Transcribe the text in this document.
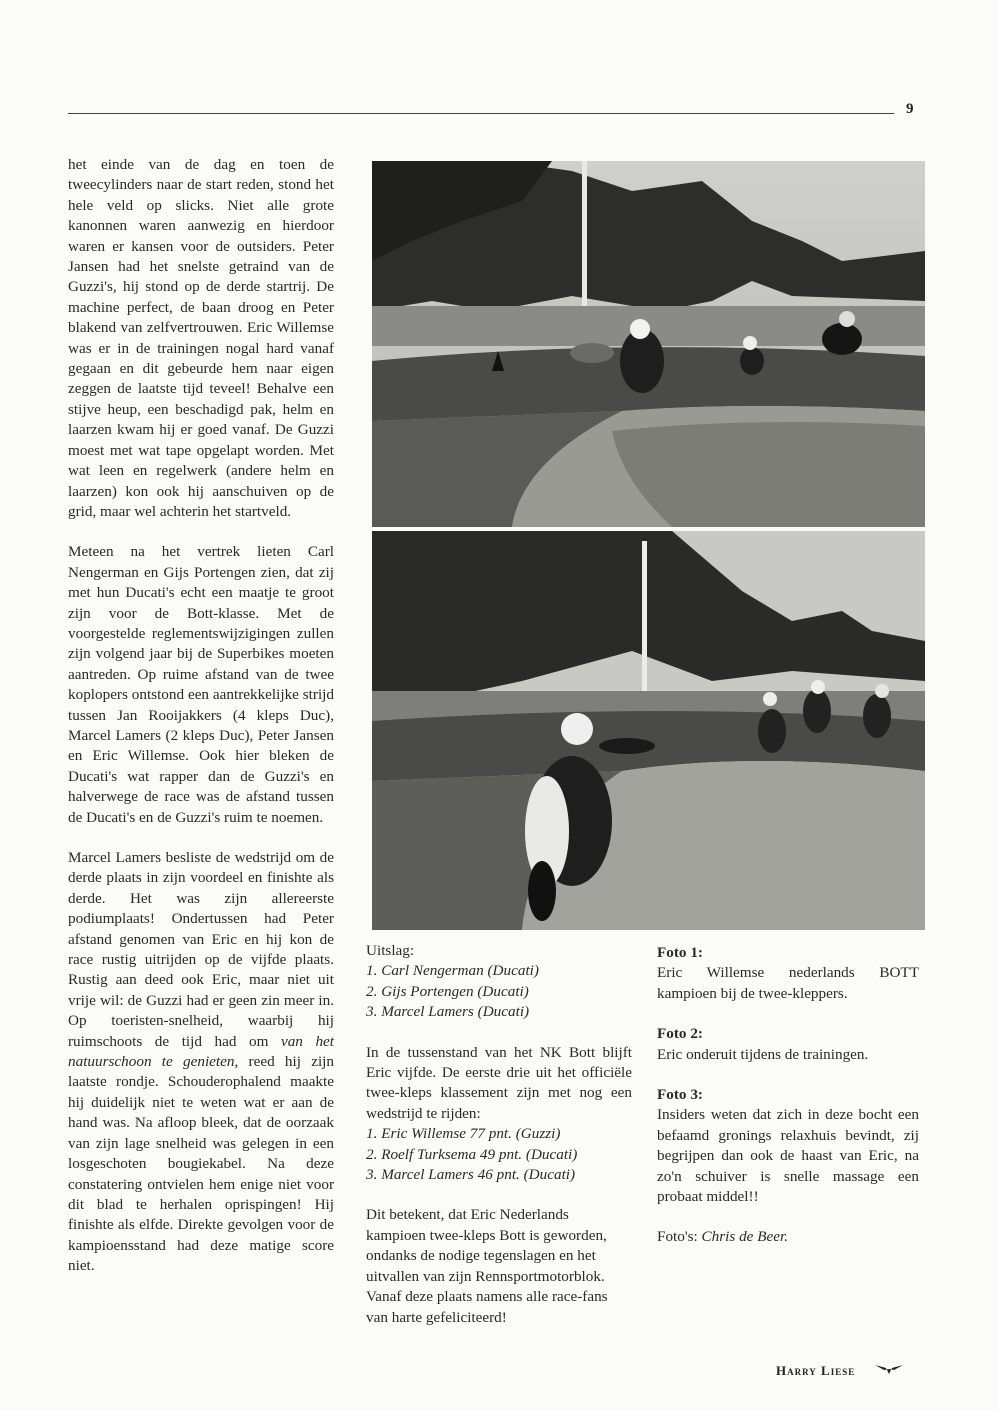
9

het einde van de dag en toen de tweecylinders naar de start reden, stond het hele veld op slicks. Niet alle grote kanonnen waren aanwezig en hierdoor waren er kansen voor de outsiders. Peter Jansen had het snelste getraind van de Guzzi's, hij stond op de derde startrij. De machine perfect, de baan droog en Peter blakend van zelfvertrouwen. Eric Willemse was er in de trainingen nogal hard vanaf gegaan en dit gebeurde hem naar eigen zeggen de laatste tijd teveel! Behalve een stijve heup, een beschadigd pak, helm en laarzen kwam hij er goed vanaf. De Guzzi moest met wat tape opgelapt worden. Met wat leen en regelwerk (andere helm en laarzen) kon ook hij aanschuiven op de grid, maar wel achterin het startveld.

Meteen na het vertrek lieten Carl Nengerman en Gijs Portengen zien, dat zij met hun Ducati's echt een maatje te groot zijn voor de Bott-klasse. Met de voorgestelde reglementswijzigingen zullen zijn volgend jaar bij de Superbikes moeten aantreden. Op ruime afstand van de twee koplopers ontstond een aantrekkelijke strijd tussen Jan Rooijakkers (4 kleps Duc), Marcel Lamers (2 kleps Duc), Peter Jansen en Eric Willemse. Ook hier bleken de Ducati's wat rapper dan de Guzzi's en halverwege de race was de afstand tussen de Ducati's en de Guzzi's ruim te noemen.

Marcel Lamers besliste de wedstrijd om de derde plaats in zijn voordeel en finishte als derde. Het was zijn allereerste podiumplaats! Ondertussen had Peter afstand genomen van Eric en hij kon de race rustig uitrijden op de vijfde plaats. Rustig aan deed ook Eric, maar niet uit vrije wil: de Guzzi had er geen zin meer in. Op toeristen-snelheid, waarbij hij ruimschoots de tijd had om van het natuurschoon te genieten, reed hij zijn laatste rondje. Schouderophalend maakte hij duidelijk niet te weten wat er aan de hand was. Na afloop bleek, dat de oorzaak van zijn lage snelheid was gelegen in een losgeschoten bougiekabel. Na deze constatering ontvielen hem enige niet voor dit blad te herhalen oprispingen! Hij finishte als elfde. Direkte gevolgen voor de kampioensstand had deze matige score niet.

Uitslag:
1. Carl Nengerman (Ducati)
2. Gijs Portengen (Ducati)
3. Marcel Lamers (Ducati)

In de tussenstand van het NK Bott blijft Eric vijfde. De eerste drie uit het officiële twee-kleps klassement zijn met nog een wedstrijd te rijden:

1. Eric Willemse 77 pnt. (Guzzi)
2. Roelf Turksema 49 pnt. (Ducati)
3. Marcel Lamers 46 pnt. (Ducati)

Dit betekent, dat Eric Nederlands kampioen twee-kleps Bott is geworden, ondanks de nodige tegenslagen en het uitvallen van zijn Rennsportmotorblok. Vanaf deze plaats namens alle race-fans van harte gefeliciteerd!

Foto 1:

Eric Willemse nederlands BOTT kampioen bij de twee-kleppers.

Foto 2:

Eric onderuit tijdens de trainingen.

Foto 3:

Insiders weten dat zich in deze bocht een befaamd gronings relaxhuis bevindt, zij begrijpen dan ook de haast van Eric, na zo'n schuiver is snelle massage een probaat middel!!

Foto's: Chris de Beer.

Harry Liese
